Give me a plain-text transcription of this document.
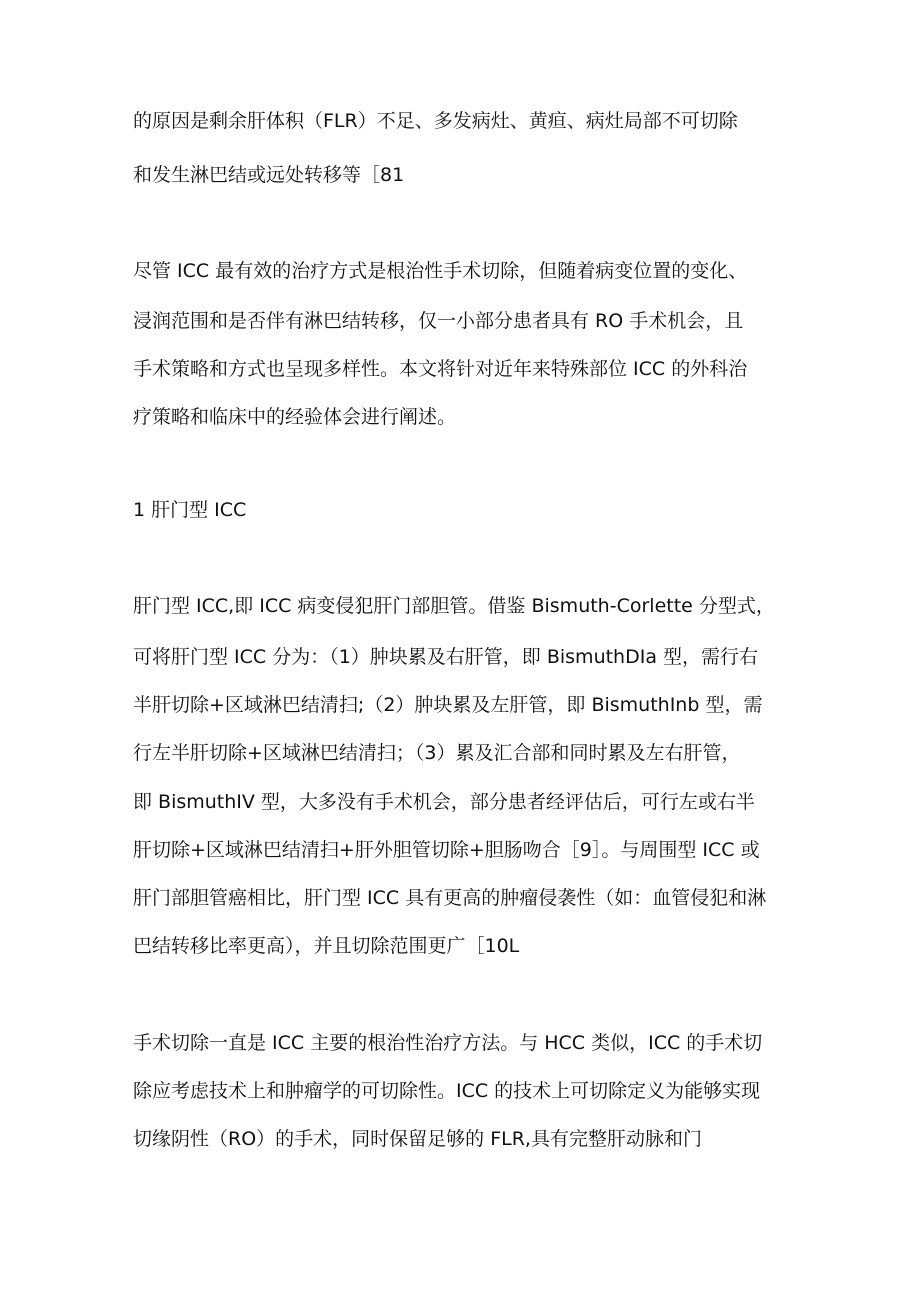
的原因是剩余肝体积（FLR）不足、多发病灶、黄疸、病灶局部不可切除
和发生淋巴结或远处转移等［81
尽管 ICC 最有效的治疗方式是根治性手术切除，但随着病变位置的变化、
浸润范围和是否伴有淋巴结转移，仅一小部分患者具有 RO 手术机会，且
手术策略和方式也呈现多样性。本文将针对近年来特殊部位 ICC 的外科治
疗策略和临床中的经验体会进行阐述。
1 肝门型 ICC
肝门型 ICC,即 ICC 病变侵犯肝门部胆管。借鉴 Bismuth-Corlette 分型式，
可将肝门型 ICC 分为：（1）肿块累及右肝管，即 BismuthDIa 型，需行右
半肝切除+区域淋巴结清扫;（2）肿块累及左肝管，即 BismuthInb 型，需
行左半肝切除+区域淋巴结清扫；（3）累及汇合部和同时累及左右肝管，
即 BismuthIV 型，大多没有手术机会，部分患者经评估后，可行左或右半
肝切除+区域淋巴结清扫+肝外胆管切除+胆肠吻合［9］。与周围型 ICC 或
肝门部胆管癌相比，肝门型 ICC 具有更高的肿瘤侵袭性（如：血管侵犯和淋
巴结转移比率更高），并且切除范围更广［10L
手术切除一直是 ICC 主要的根治性治疗方法。与 HCC 类似，ICC 的手术切
除应考虑技术上和肿瘤学的可切除性。ICC 的技术上可切除定义为能够实现
切缘阴性（RO）的手术，同时保留足够的 FLR,具有完整肝动脉和门
